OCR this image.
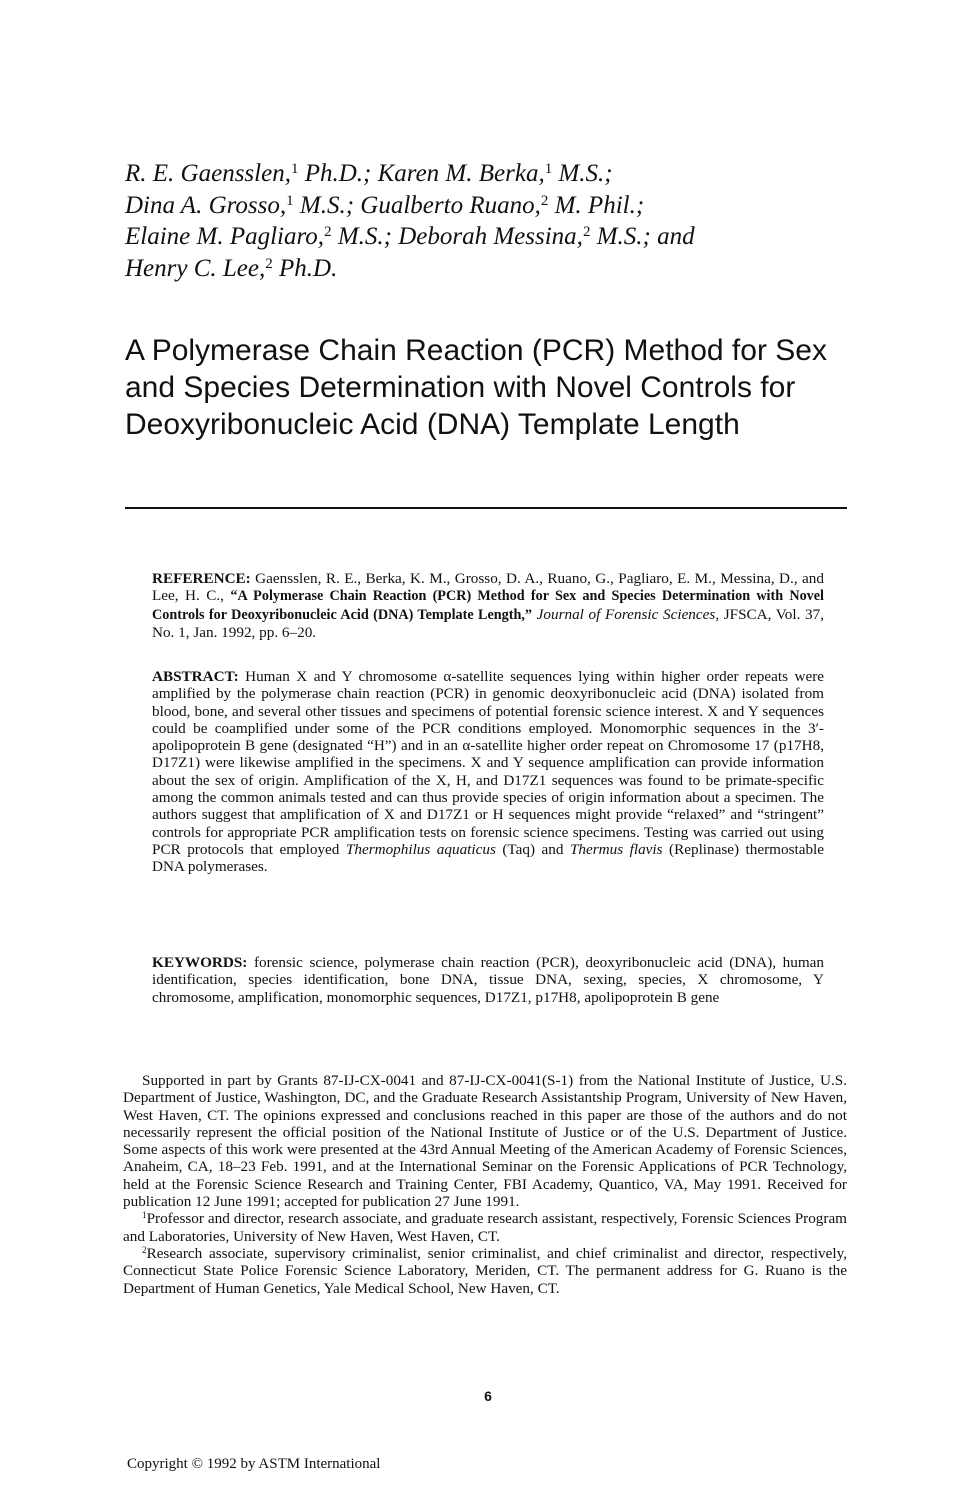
R. E. Gaensslen,$^1$ Ph.D.; Karen M. Berka,$^1$ M.S.;
Dina A. Grosso,$^1$ M.S.; Gualberto Ruano,$^2$ M. Phil.;
Elaine M. Pagliaro,$^2$ M.S.; Deborah Messina,$^2$ M.S.; and
Henry C. Lee,$^2$ Ph.D.
A Polymerase Chain Reaction (PCR) Method for Sex
and Species Determination with Novel Controls for
Deoxyribonucleic Acid (DNA) Template Length
REFERENCE: Gaensslen, R. E., Berka, K. M., Grosso, D. A., Ruano, G., Pagliaro, E. M., Messina, D., and Lee, H. C., “A Polymerase Chain Reaction (PCR) Method for Sex and Species Determination with Novel Controls for Deoxyribonucleic Acid (DNA) Template Length,” Journal of Forensic Sciences, JFSCA, Vol. 37, No. 1, Jan. 1992, pp. 6–20.
ABSTRACT: Human X and Y chromosome α-satellite sequences lying within higher order repeats were amplified by the polymerase chain reaction (PCR) in genomic deoxyribonucleic acid (DNA) isolated from blood, bone, and several other tissues and specimens of potential forensic science interest. X and Y sequences could be coamplified under some of the PCR conditions employed. Monomorphic sequences in the 3′-apolipoprotein B gene (designated “H”) and in an α-satellite higher order repeat on Chromosome 17 (p17H8, D17Z1) were likewise amplified in the specimens. X and Y sequence amplification can provide information about the sex of origin. Amplification of the X, H, and D17Z1 sequences was found to be primate-specific among the common animals tested and can thus provide species of origin information about a specimen. The authors suggest that amplification of X and D17Z1 or H sequences might provide “relaxed” and “stringent” controls for appropriate PCR amplification tests on forensic science specimens. Testing was carried out using PCR protocols that employed Thermophilus aquaticus (Taq) and Thermus flavis (Replinase) thermostable DNA polymerases.
KEYWORDS: forensic science, polymerase chain reaction (PCR), deoxyribonucleic acid (DNA), human identification, species identification, bone DNA, tissue DNA, sexing, species, X chromosome, Y chromosome, amplification, monomorphic sequences, D17Z1, p17H8, apolipoprotein B gene

Supported in part by Grants 87-IJ-CX-0041 and 87-IJ-CX-0041(S-1) from the National Institute of Justice, U.S. Department of Justice, Washington, DC, and the Graduate Research Assistantship Program, University of New Haven, West Haven, CT. The opinions expressed and conclusions reached in this paper are those of the authors and do not necessarily represent the official position of the National Institute of Justice or of the U.S. Department of Justice. Some aspects of this work were presented at the 43rd Annual Meeting of the American Academy of Forensic Sciences, Anaheim, CA, 18–23 Feb. 1991, and at the International Seminar on the Forensic Applications of PCR Technology, held at the Forensic Science Research and Training Center, FBI Academy, Quantico, VA, May 1991. Received for publication 12 June 1991; accepted for publication 27 June 1991.

$^1$Professor and director, research associate, and graduate research assistant, respectively, Forensic Sciences Program and Laboratories, University of New Haven, West Haven, CT.

$^2$Research associate, supervisory criminalist, senior criminalist, and chief criminalist and director, respectively, Connecticut State Police Forensic Science Laboratory, Meriden, CT. The permanent address for G. Ruano is the Department of Human Genetics, Yale Medical School, New Haven, CT.

6
Copyright © 1992 by ASTM International
